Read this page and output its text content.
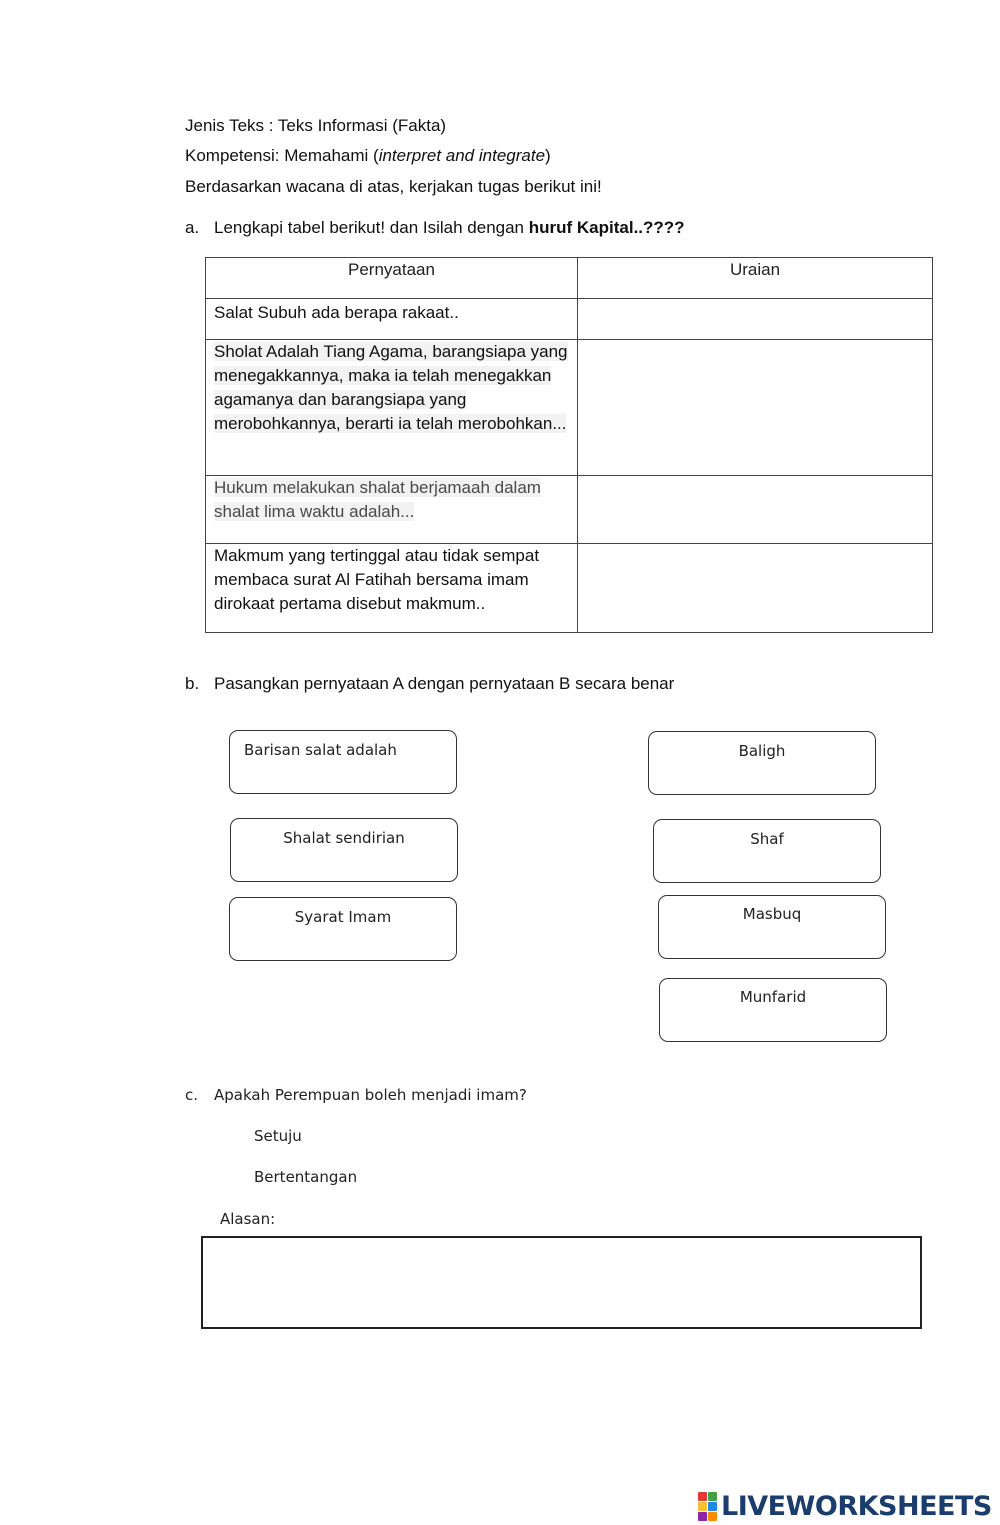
Jenis Teks : Teks Informasi (Fakta)
Kompetensi: Memahami (interpret and integrate)
Berdasarkan wacana di atas, kerjakan tugas berikut ini!
a. Lengkapi tabel berikut! dan Isilah dengan huruf Kapital..????
Pernyataan	Uraian
Salat Subuh ada berapa rakaat..	
Sholat Adalah Tiang Agama, barangsiapa yang menegakkannya, maka ia telah menegakkan agamanya dan barangsiapa yang merobohkannya, berarti ia telah merobohkan...	
Hukum melakukan shalat berjamaah dalam shalat lima waktu adalah...	
Makmum yang tertinggal atau tidak sempat membaca surat Al Fatihah bersama imam dirokaat pertama disebut makmum..	
b. Pasangkan pernyataan A dengan pernyataan B secara benar
Barisan salat adalah
Shalat sendirian
Syarat Imam
Baligh
Shaf
Masbuq
Munfarid
c. Apakah Perempuan boleh menjadi imam?
Setuju
Bertentangan
Alasan:
LIVEWORKSHEETS
